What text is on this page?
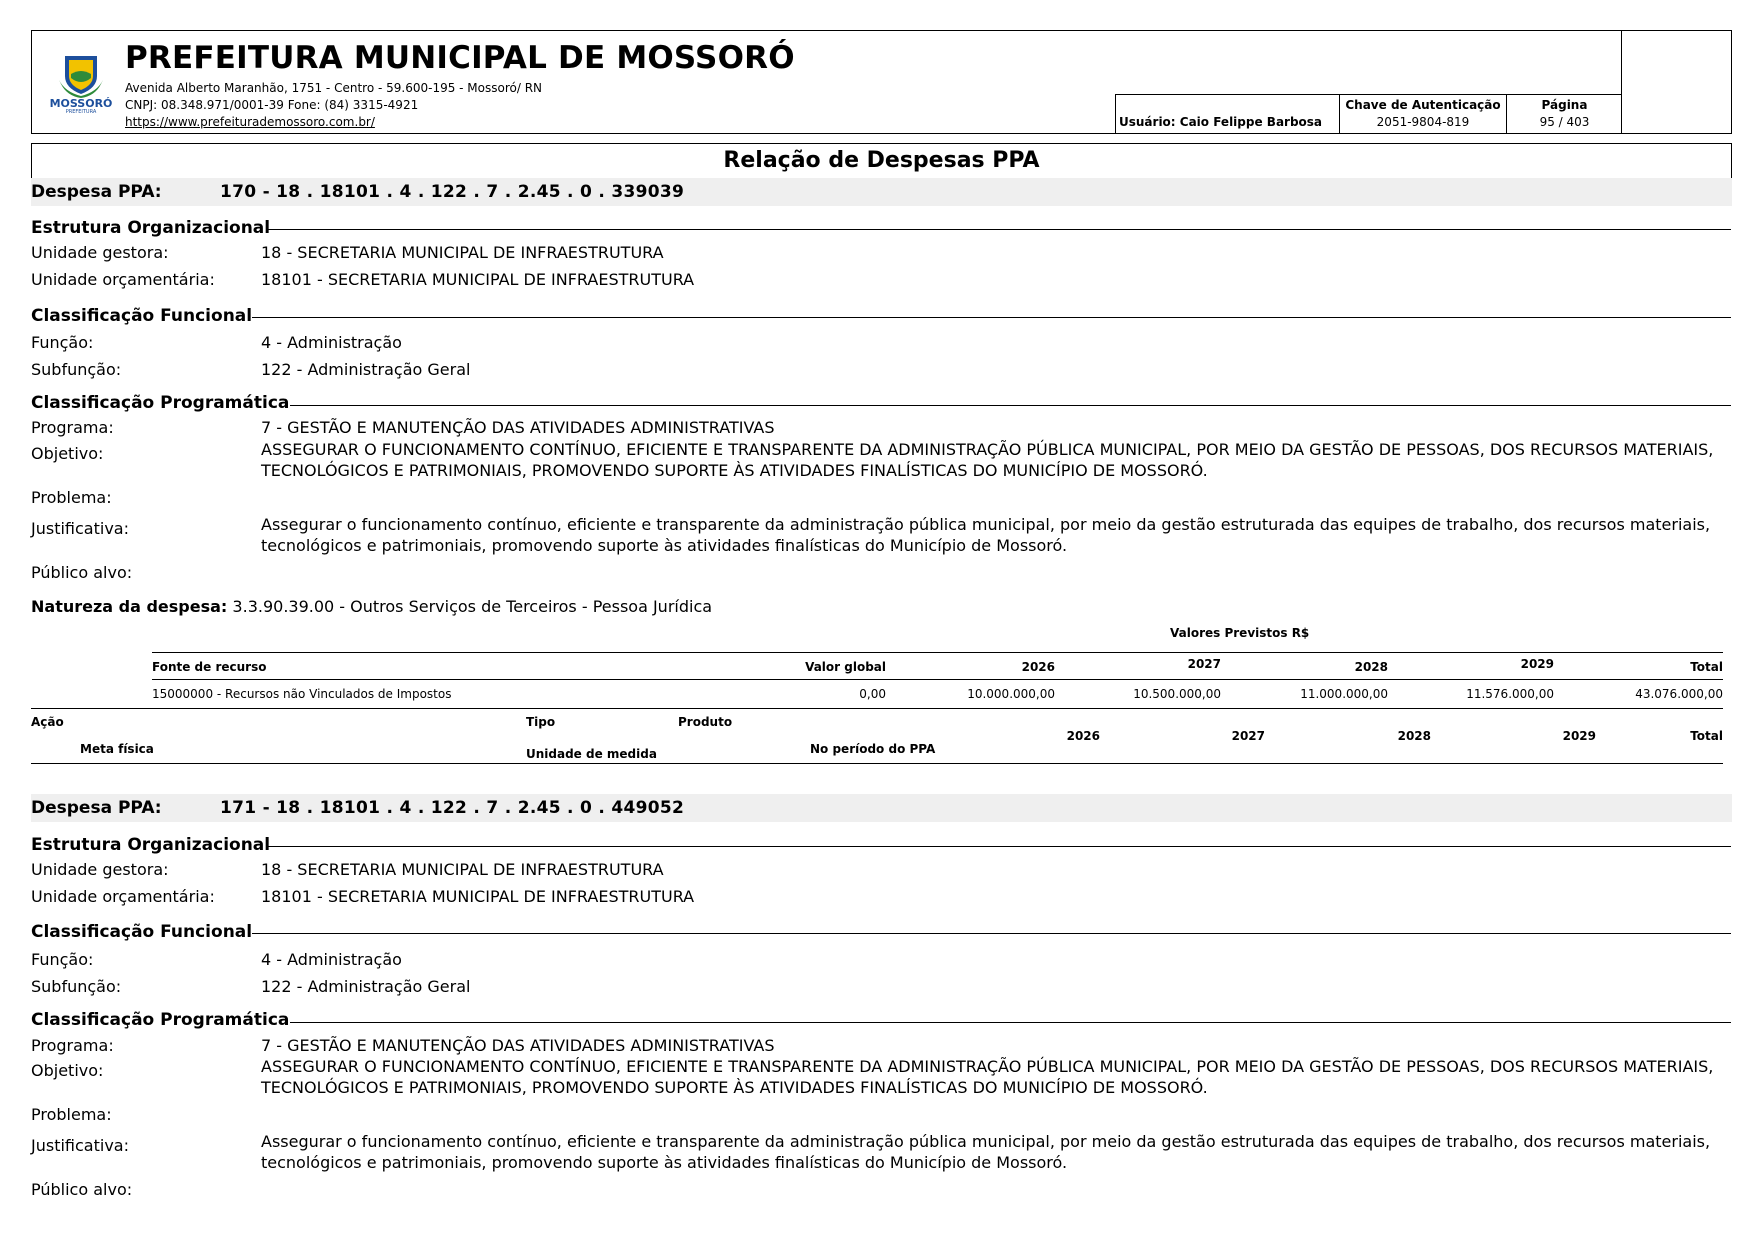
MOSSORÓ
PREFEITURA
PREFEITURA MUNICIPAL DE MOSSORÓ
Avenida Alberto Maranhão, 1751 - Centro - 59.600-195 - Mossoró/ RN
CNPJ: 08.348.971/0001-39 Fone: (84) 3315-4921
https://www.prefeiturademossoro.com.br/	Usuário: Caio Felippe Barbosa
Chave de Autenticação
2051-9804-819
Página
95 / 403
Relação de Despesas PPA
Despesa PPA:	170 - 18 . 18101 . 4 . 122 . 7 . 2.45 . 0 . 339039
Estrutura Organizacional
Unidade gestora:	18 - SECRETARIA MUNICIPAL DE INFRAESTRUTURA
Unidade orçamentária:	18101 - SECRETARIA MUNICIPAL DE INFRAESTRUTURA
Classificação Funcional
Função:	4 - Administração
Subfunção:	122 - Administração Geral
Classificação Programática
Programa:	7 - GESTÃO E MANUTENÇÃO DAS ATIVIDADES ADMINISTRATIVAS
Objetivo:	ASSEGURAR O FUNCIONAMENTO CONTÍNUO, EFICIENTE E TRANSPARENTE DA ADMINISTRAÇÃO PÚBLICA MUNICIPAL, POR MEIO DA GESTÃO DE PESSOAS, DOS RECURSOS MATERIAIS, TECNOLÓGICOS E PATRIMONIAIS, PROMOVENDO SUPORTE ÀS ATIVIDADES FINALÍSTICAS DO MUNICÍPIO DE MOSSORÓ.
Problema:
Justificativa:	Assegurar o funcionamento contínuo, eficiente e transparente da administração pública municipal, por meio da gestão estruturada das equipes de trabalho, dos recursos materiais, tecnológicos e patrimoniais, promovendo suporte às atividades finalísticas do Município de Mossoró.
Público alvo:
Natureza da despesa: 3.3.90.39.00 - Outros Serviços de Terceiros - Pessoa Jurídica
Valores Previstos R$
Fonte de recurso	Valor global	2026	2027	2028	2029	Total
15000000 - Recursos não Vinculados de Impostos	0,00	10.000.000,00	10.500.000,00	11.000.000,00	11.576.000,00	43.076.000,00
Ação
Meta física
Tipo
Unidade de medida
Produto
No período do PPA
2026	2027	2028	2029	Total
Despesa PPA:	171 - 18 . 18101 . 4 . 122 . 7 . 2.45 . 0 . 449052
Estrutura Organizacional
Unidade gestora:	18 - SECRETARIA MUNICIPAL DE INFRAESTRUTURA
Unidade orçamentária:	18101 - SECRETARIA MUNICIPAL DE INFRAESTRUTURA
Classificação Funcional
Função:	4 - Administração
Subfunção:	122 - Administração Geral
Classificação Programática
Programa:	7 - GESTÃO E MANUTENÇÃO DAS ATIVIDADES ADMINISTRATIVAS
Objetivo:	ASSEGURAR O FUNCIONAMENTO CONTÍNUO, EFICIENTE E TRANSPARENTE DA ADMINISTRAÇÃO PÚBLICA MUNICIPAL, POR MEIO DA GESTÃO DE PESSOAS, DOS RECURSOS MATERIAIS, TECNOLÓGICOS E PATRIMONIAIS, PROMOVENDO SUPORTE ÀS ATIVIDADES FINALÍSTICAS DO MUNICÍPIO DE MOSSORÓ.
Problema:
Justificativa:	Assegurar o funcionamento contínuo, eficiente e transparente da administração pública municipal, por meio da gestão estruturada das equipes de trabalho, dos recursos materiais, tecnológicos e patrimoniais, promovendo suporte às atividades finalísticas do Município de Mossoró.
Público alvo:
